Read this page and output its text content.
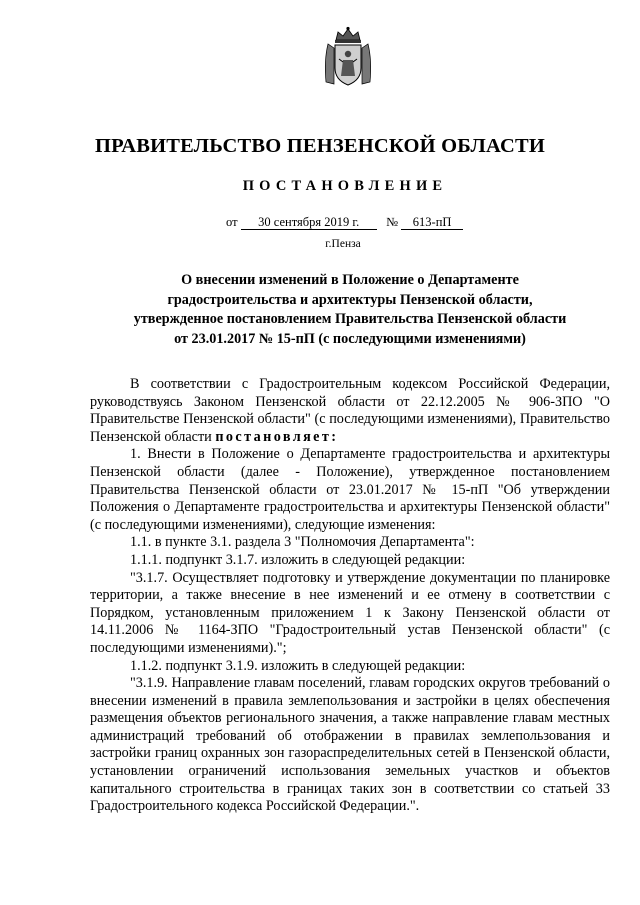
ПРАВИТЕЛЬСТВО ПЕНЗЕНСКОЙ ОБЛАСТИ
ПОСТАНОВЛЕНИЕ
от 30 сентября 2019 г. № 613-пП
г.Пенза
О внесении изменений в Положение о Департаменте градостроительства и архитектуры Пензенской области, утвержденное постановлением Правительства Пензенской области от 23.01.2017 № 15-пП (с последующими изменениями)

В соответствии с Градостроительным кодексом Российской Федерации, руководствуясь Законом Пензенской области от 22.12.2005 № 906-ЗПО "О Правительстве Пензенской области" (с последующими изменениями), Правительство Пензенской области постановляет:

1. Внести в Положение о Департаменте градостроительства и архитектуры Пензенской области (далее - Положение), утвержденное постановлением Правительства Пензенской области от 23.01.2017 № 15-пП "Об утверждении Положения о Департаменте градостроительства и архитектуры Пензенской области" (с последующими изменениями), следующие изменения:

1.1. в пункте 3.1. раздела 3 "Полномочия Департамента":

1.1.1. подпункт 3.1.7. изложить в следующей редакции:

"3.1.7. Осуществляет подготовку и утверждение документации по планировке территории, а также внесение в нее изменений и ее отмену в соответствии с Порядком, установленным приложением 1 к Закону Пензенской области от 14.11.2006 № 1164-ЗПО "Градостроительный устав Пензенской области" (с последующими изменениями).";

1.1.2. подпункт 3.1.9. изложить в следующей редакции:

"3.1.9. Направление главам поселений, главам городских округов требований о внесении изменений в правила землепользования и застройки в целях обеспечения размещения объектов регионального значения, а также направление главам местных администраций требований об отображении в правилах землепользования и застройки границ охранных зон газораспределительных сетей в Пензенской области, установлении ограничений использования земельных участков и объектов капитального строительства в границах таких зон в соответствии со статьей 33 Градостроительного кодекса Российской Федерации.".
